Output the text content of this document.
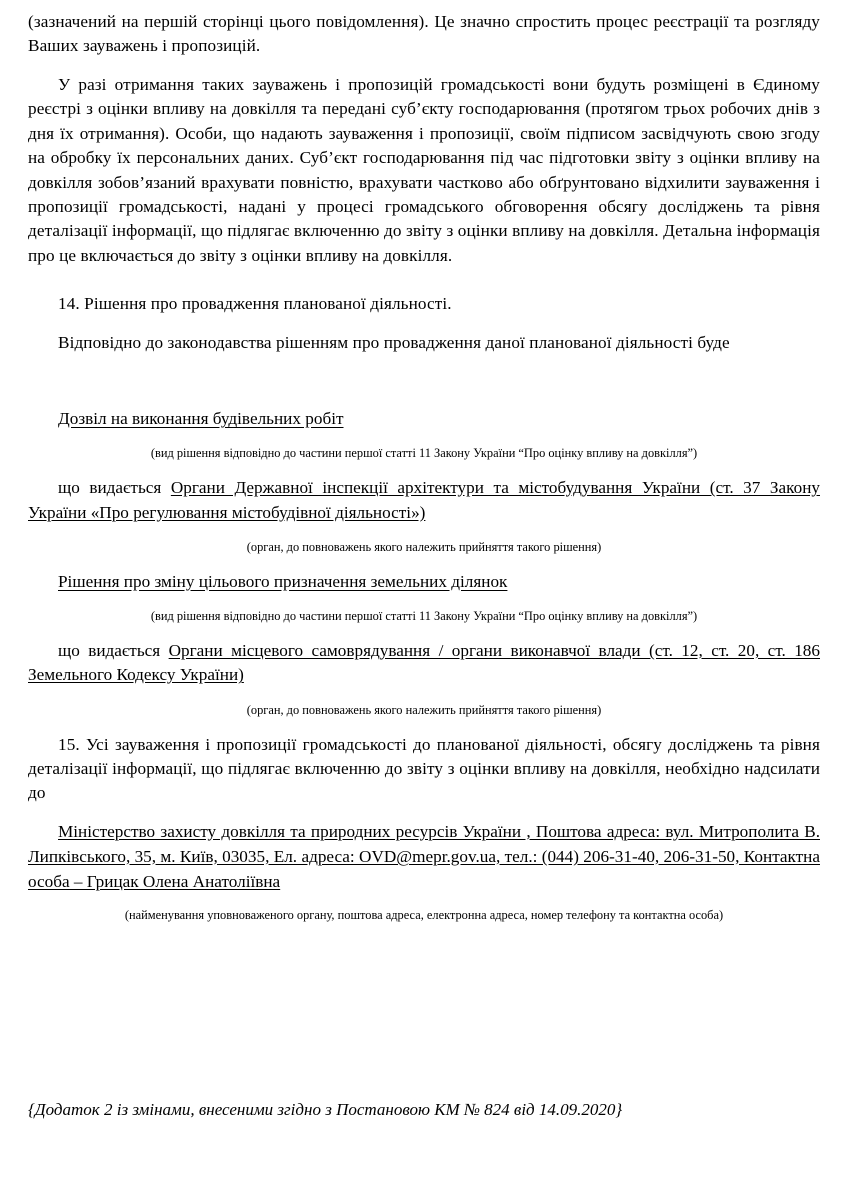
(зазначений на першій сторінці цього повідомлення). Це значно спростить процес реєстрації та розгляду Ваших зауважень і пропозицій.

У разі отримання таких зауважень і пропозицій громадськості вони будуть розміщені в Єдиному реєстрі з оцінки впливу на довкілля та передані суб’єкту господарювання (протягом трьох робочих днів з дня їх отримання). Особи, що надають зауваження і пропозиції, своїм підписом засвідчують свою згоду на обробку їх персональних даних. Суб’єкт господарювання під час підготовки звіту з оцінки впливу на довкілля зобов’язаний врахувати повністю, врахувати частково або обґрунтовано відхилити зауваження і пропозиції громадськості, надані у процесі громадського обговорення обсягу досліджень та рівня деталізації інформації, що підлягає включенню до звіту з оцінки впливу на довкілля. Детальна інформація про це включається до звіту з оцінки впливу на довкілля.

14. Рішення про провадження планованої діяльності.

Відповідно до законодавства рішенням про провадження даної планованої діяльності буде

Дозвіл на виконання будівельних робіт
(вид рішення відповідно до частини першої статті 11 Закону України “Про оцінку впливу на довкілля”)

що видається Органи Державної інспекції архітектури та містобудування України (ст. 37 Закону України «Про регулювання містобудівної діяльності»)

(орган, до повноважень якого належить прийняття такого рішення)
Рішення про зміну цільового призначення земельних ділянок
(вид рішення відповідно до частини першої статті 11 Закону України “Про оцінку впливу на довкілля”)

що видається Органи місцевого самоврядування / органи виконавчої влади (ст. 12, ст. 20, ст. 186 Земельного Кодексу України)

(орган, до повноважень якого належить прийняття такого рішення)

15. Усі зауваження і пропозиції громадськості до планованої діяльності, обсягу досліджень та рівня деталізації інформації, що підлягає включенню до звіту з оцінки впливу на довкілля, необхідно надсилати до

Міністерство захисту довкілля та природних ресурсів України , Поштова адреса: вул. Митрополита В. Липківського, 35, м. Київ, 03035, Ел. адреса: OVD@mepr.gov.ua, тел.: (044) 206-31-40, 206-31-50, Контактна особа – Грицак Олена Анатоліївна

(найменування уповноваженого органу, поштова адреса, електронна адреса, номер телефону та контактна особа)
{Додаток 2 із змінами, внесеними згідно з Постановою КМ № 824 від 14.09.2020}
